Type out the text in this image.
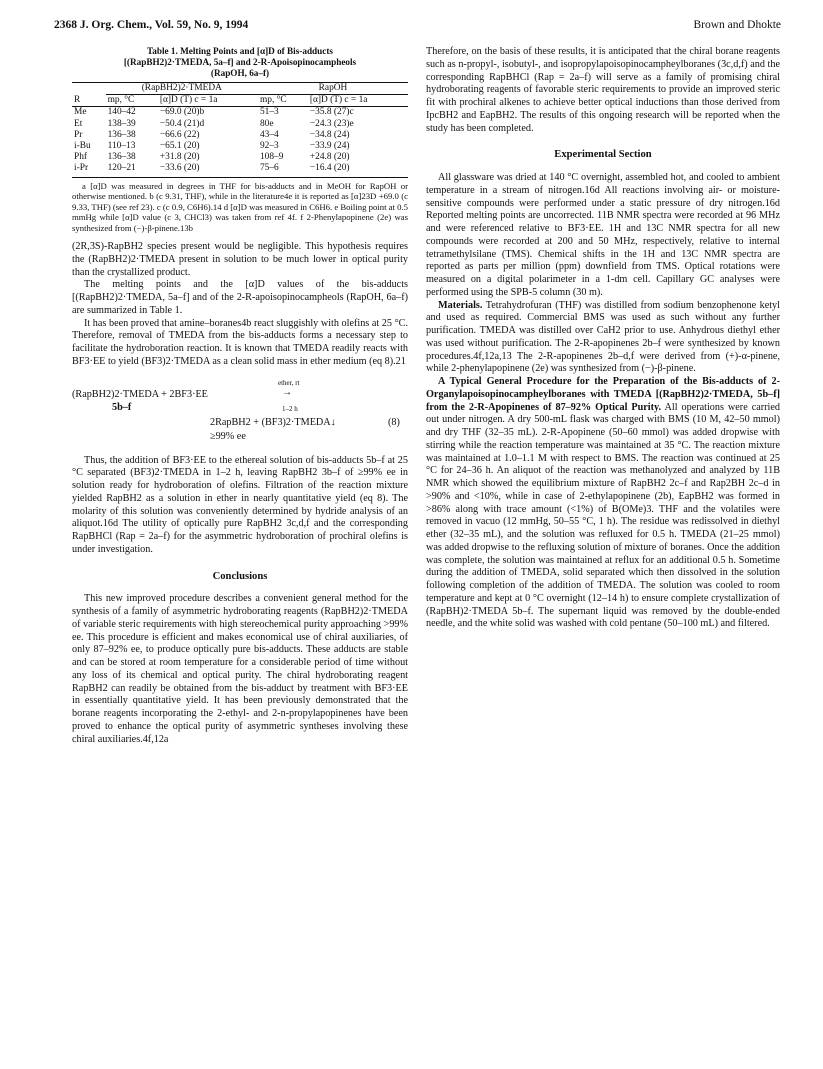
2368 J. Org. Chem., Vol. 59, No. 9, 1994	Brown and Dhokte
Table 1. Melting Points and [α]D of Bis-adducts
[(RapBH2)2·TMEDA, 5a–f] and 2-R-Apoisopinocampheols
(RapOH, 6a–f)
	(RapBH2)2·TMEDA		RapOH	
R	mp, °C	[α]D (T) c = 1a	mp, °C	[α]D (T) c = 1a
Me	140–42	−69.0 (20)b	51–3	−35.8 (27)c
Et	138–39	−50.4 (21)d	80e	−24.3 (23)e
Pr	136–38	−66.6 (22)	43–4	−34.8 (24)
i-Bu	110–13	−65.1 (20)	92–3	−33.9 (24)
Phf	136–38	+31.8 (20)	108–9	+24.8 (20)
i-Pr	120–21	−33.6 (20)	75–6	−16.4 (20)

a [α]D was measured in degrees in THF for bis-adducts and in MeOH for RapOH or otherwise mentioned. b (c 9.31, THF), while in the literature4e it is reported as [α]23D +69.0 (c 9.33, THF) (see ref 23). c (c 0.9, C6H6).14 d [α]D was measured in C6H6. e Boiling point at 0.5 mmHg while [α]D value (c 3, CHCl3) was taken from ref 4f. f 2-Phenylapopinene (2e) was synthesized from (−)-β-pinene.13b

(2R,3S)-RapBH2 species present would be negligible. This hypothesis requires the (RapBH2)2·TMEDA present in solution to be much lower in optical purity than the crystallized product.

The melting points and the [α]D values of the bis-adducts [(RapBH2)2·TMEDA, 5a–f] and of the 2-R-apoisopinocampheols (RapOH, 6a–f) are summarized in Table 1.

It has been proved that amine–boranes4b react sluggishly with olefins at 25 °C. Therefore, removal of TMEDA from the bis-adducts forms a necessary step to facilitate the hydroboration reaction. It is known that TMEDA readily reacts with BF3·EE to yield (BF3)2·TMEDA as a clean solid mass in ether medium (eq 8).21

(RapBH2)2·TMEDA + 2BF3·EE
ether, rt
→
1–2 h
5b–f
2RapBH2 + (BF3)2·TMEDA↓	(8)
≥99% ee

Thus, the addition of BF3·EE to the ethereal solution of bis-adducts 5b–f at 25 °C separated (BF3)2·TMEDA in 1–2 h, leaving RapBH2 3b–f of ≥99% ee in solution ready for hydroboration of olefins. Filtration of the reaction mixture yielded RapBH2 as a solution in ether in nearly quantitative yield (eq 8). The molarity of this solution was conveniently determined by hydride analysis of an aliquot.16d The utility of optically pure RapBH2 3c,d,f and the corresponding RapBHCl (Rap = 2a–f) for the asymmetric hydroboration of prochiral olefins is under investigation.

Conclusions

This new improved procedure describes a convenient general method for the synthesis of a family of asymmetric hydroborating reagents (RapBH2)2·TMEDA of variable steric requirements with high stereochemical purity approaching >99% ee. This procedure is efficient and makes economical use of chiral auxiliaries, of only 87–92% ee, to produce optically pure bis-adducts. These adducts are stable and can be stored at room temperature for a considerable period of time without any loss of its chemical and optical purity. The chiral hydroborating reagent RapBH2 can readily be obtained from the bis-adduct by treatment with BF3·EE in essentially quantitative yield. It has been previously demonstrated that the borane reagents incorporating the 2-ethyl- and 2-n-propylapopinenes have been proved to enhance the optical purity of asymmetric syntheses involving these chiral auxiliaries.4f,12a

Therefore, on the basis of these results, it is anticipated that the chiral borane reagents such as n-propyl-, isobutyl-, and isopropylapoisopinocampheylboranes (3c,d,f) and the corresponding RapBHCl (Rap = 2a–f) will serve as a family of promising chiral hydroborating reagents of favorable steric requirements to provide an improved steric fit with prochiral alkenes to achieve better optical inductions than those derived from IpcBH2 and EapBH2. The results of this ongoing research will be reported when the study has been completed.

Experimental Section

All glassware was dried at 140 °C overnight, assembled hot, and cooled to ambient temperature in a stream of nitrogen.16d All reactions involving air- or moisture-sensitive compounds were performed under a static pressure of dry nitrogen.16d Reported melting points are uncorrected. 11B NMR spectra were recorded at 96 MHz and were referenced relative to BF3·EE. 1H and 13C NMR spectra for all new compounds were recorded at 200 and 50 MHz, respectively, relative to internal tetramethylsilane (TMS). Chemical shifts in the 1H and 13C NMR spectra are reported as parts per million (ppm) downfield from TMS. Optical rotations were measured on a digital polarimeter in a 1-dm cell. Capillary GC analyses were performed using the SPB-5 column (30 m).

Materials. Tetrahydrofuran (THF) was distilled from sodium benzophenone ketyl and used as required. Commercial BMS was used as such without any further purification. TMEDA was distilled over CaH2 prior to use. Anhydrous diethyl ether was used without purification. The 2-R-apopinenes 2b–f were synthesized by known procedures.4f,12a,13 The 2-R-apopinenes 2b–d,f were derived from (+)-α-pinene, while 2-phenylapopinene (2e) was synthesized from (−)-β-pinene.

A Typical General Procedure for the Preparation of the Bis-adducts of 2-Organylapoisopinocampheylboranes with TMEDA [(RapBH2)2·TMEDA, 5b–f] from the 2-R-Apopinenes of 87–92% Optical Purity. All operations were carried out under nitrogen. A dry 500-mL flask was charged with BMS (10 M, 42–50 mmol) and dry THF (32–35 mL). 2-R-Apopinene (50–60 mmol) was added dropwise with stirring while the reaction temperature was maintained at 35 °C. The reaction mixture was maintained at 1.0–1.1 M with respect to BMS. The reaction was continued at 25 °C for 24–36 h. An aliquot of the reaction was methanolyzed and analyzed by 11B NMR which showed the equilibrium mixture of RapBH2 2c–f and Rap2BH 2c–d in >90% and <10%, while in case of 2-ethylapopinene (2b), EapBH2 was formed in >86% along with trace amount (<1%) of B(OMe)3. THF and the volatiles were removed in vacuo (12 mmHg, 50–55 °C, 1 h). The residue was redissolved in diethyl ether (32–35 mL), and the solution was refluxed for 0.5 h. TMEDA (21–25 mmol) was added dropwise to the refluxing solution of mixture of boranes. Once the addition was complete, the solution was maintained at reflux for an additional 0.5 h. Sometime during the addition of TMEDA, solid separated which then dissolved in the solution following completion of the addition of TMEDA. The solution was cooled to room temperature and kept at 0 °C overnight (12–14 h) to ensure complete crystallization of (RapBH)2·TMEDA 5b–f. The supernant liquid was removed by the double-ended needle, and the white solid was washed with cold pentane (50–100 mL) and filtered.
